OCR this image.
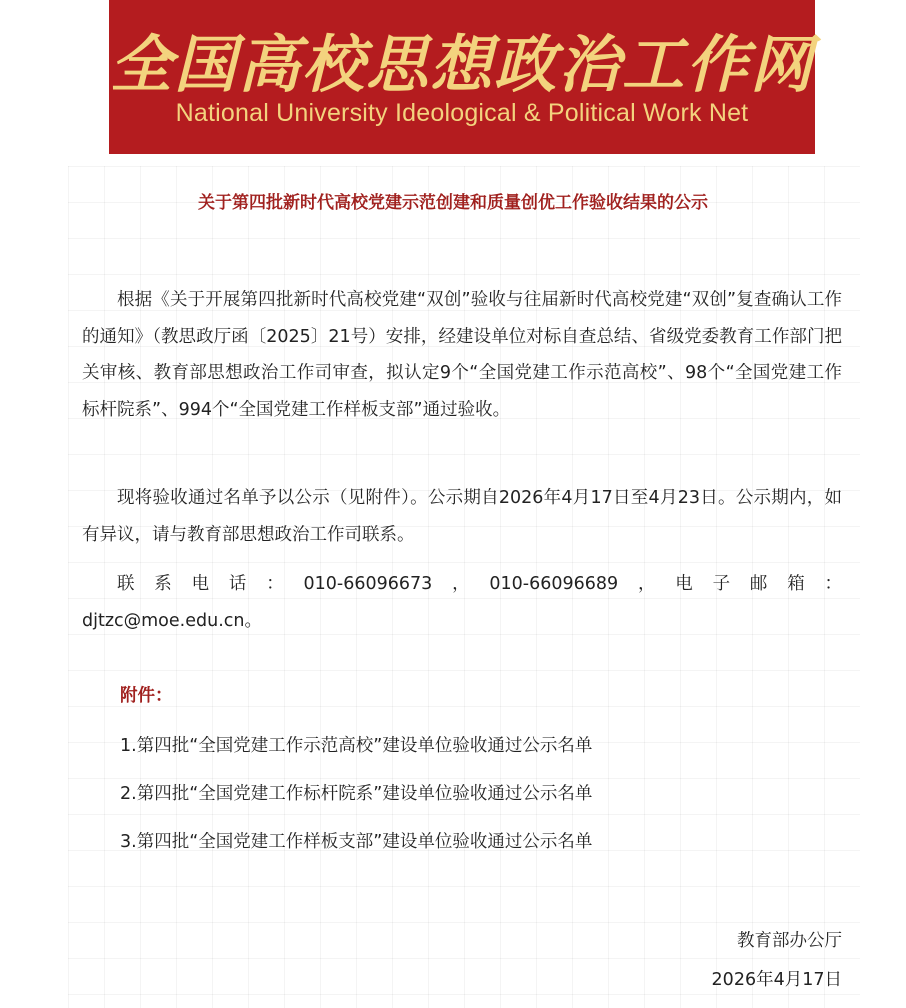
全国高校思想政治工作网
National University Ideological & Political Work Net
关于第四批新时代高校党建示范创建和质量创优工作验收结果的公示

根据《关于开展第四批新时代高校党建“双创”验收与往届新时代高校党建“双创”复查确认工作的通知》（教思政厅函〔2025〕21号）安排，经建设单位对标自查总结、省级党委教育工作部门把关审核、教育部思想政治工作司审查，拟认定9个“全国党建工作示范高校”、98个“全国党建工作标杆院系”、994个“全国党建工作样板支部”通过验收。

现将验收通过名单予以公示（见附件）。公示期自2026年4月17日至4月23日。公示期内，如有异议，请与教育部思想政治工作司联系。

联系电话：010-66096673，010-66096689，电子邮箱：
djtzc@moe.edu.cn。

附件：
1.第四批“全国党建工作示范高校”建设单位验收通过公示名单
2.第四批“全国党建工作标杆院系”建设单位验收通过公示名单
3.第四批“全国党建工作样板支部”建设单位验收通过公示名单
教育部办公厅
2026年4月17日
